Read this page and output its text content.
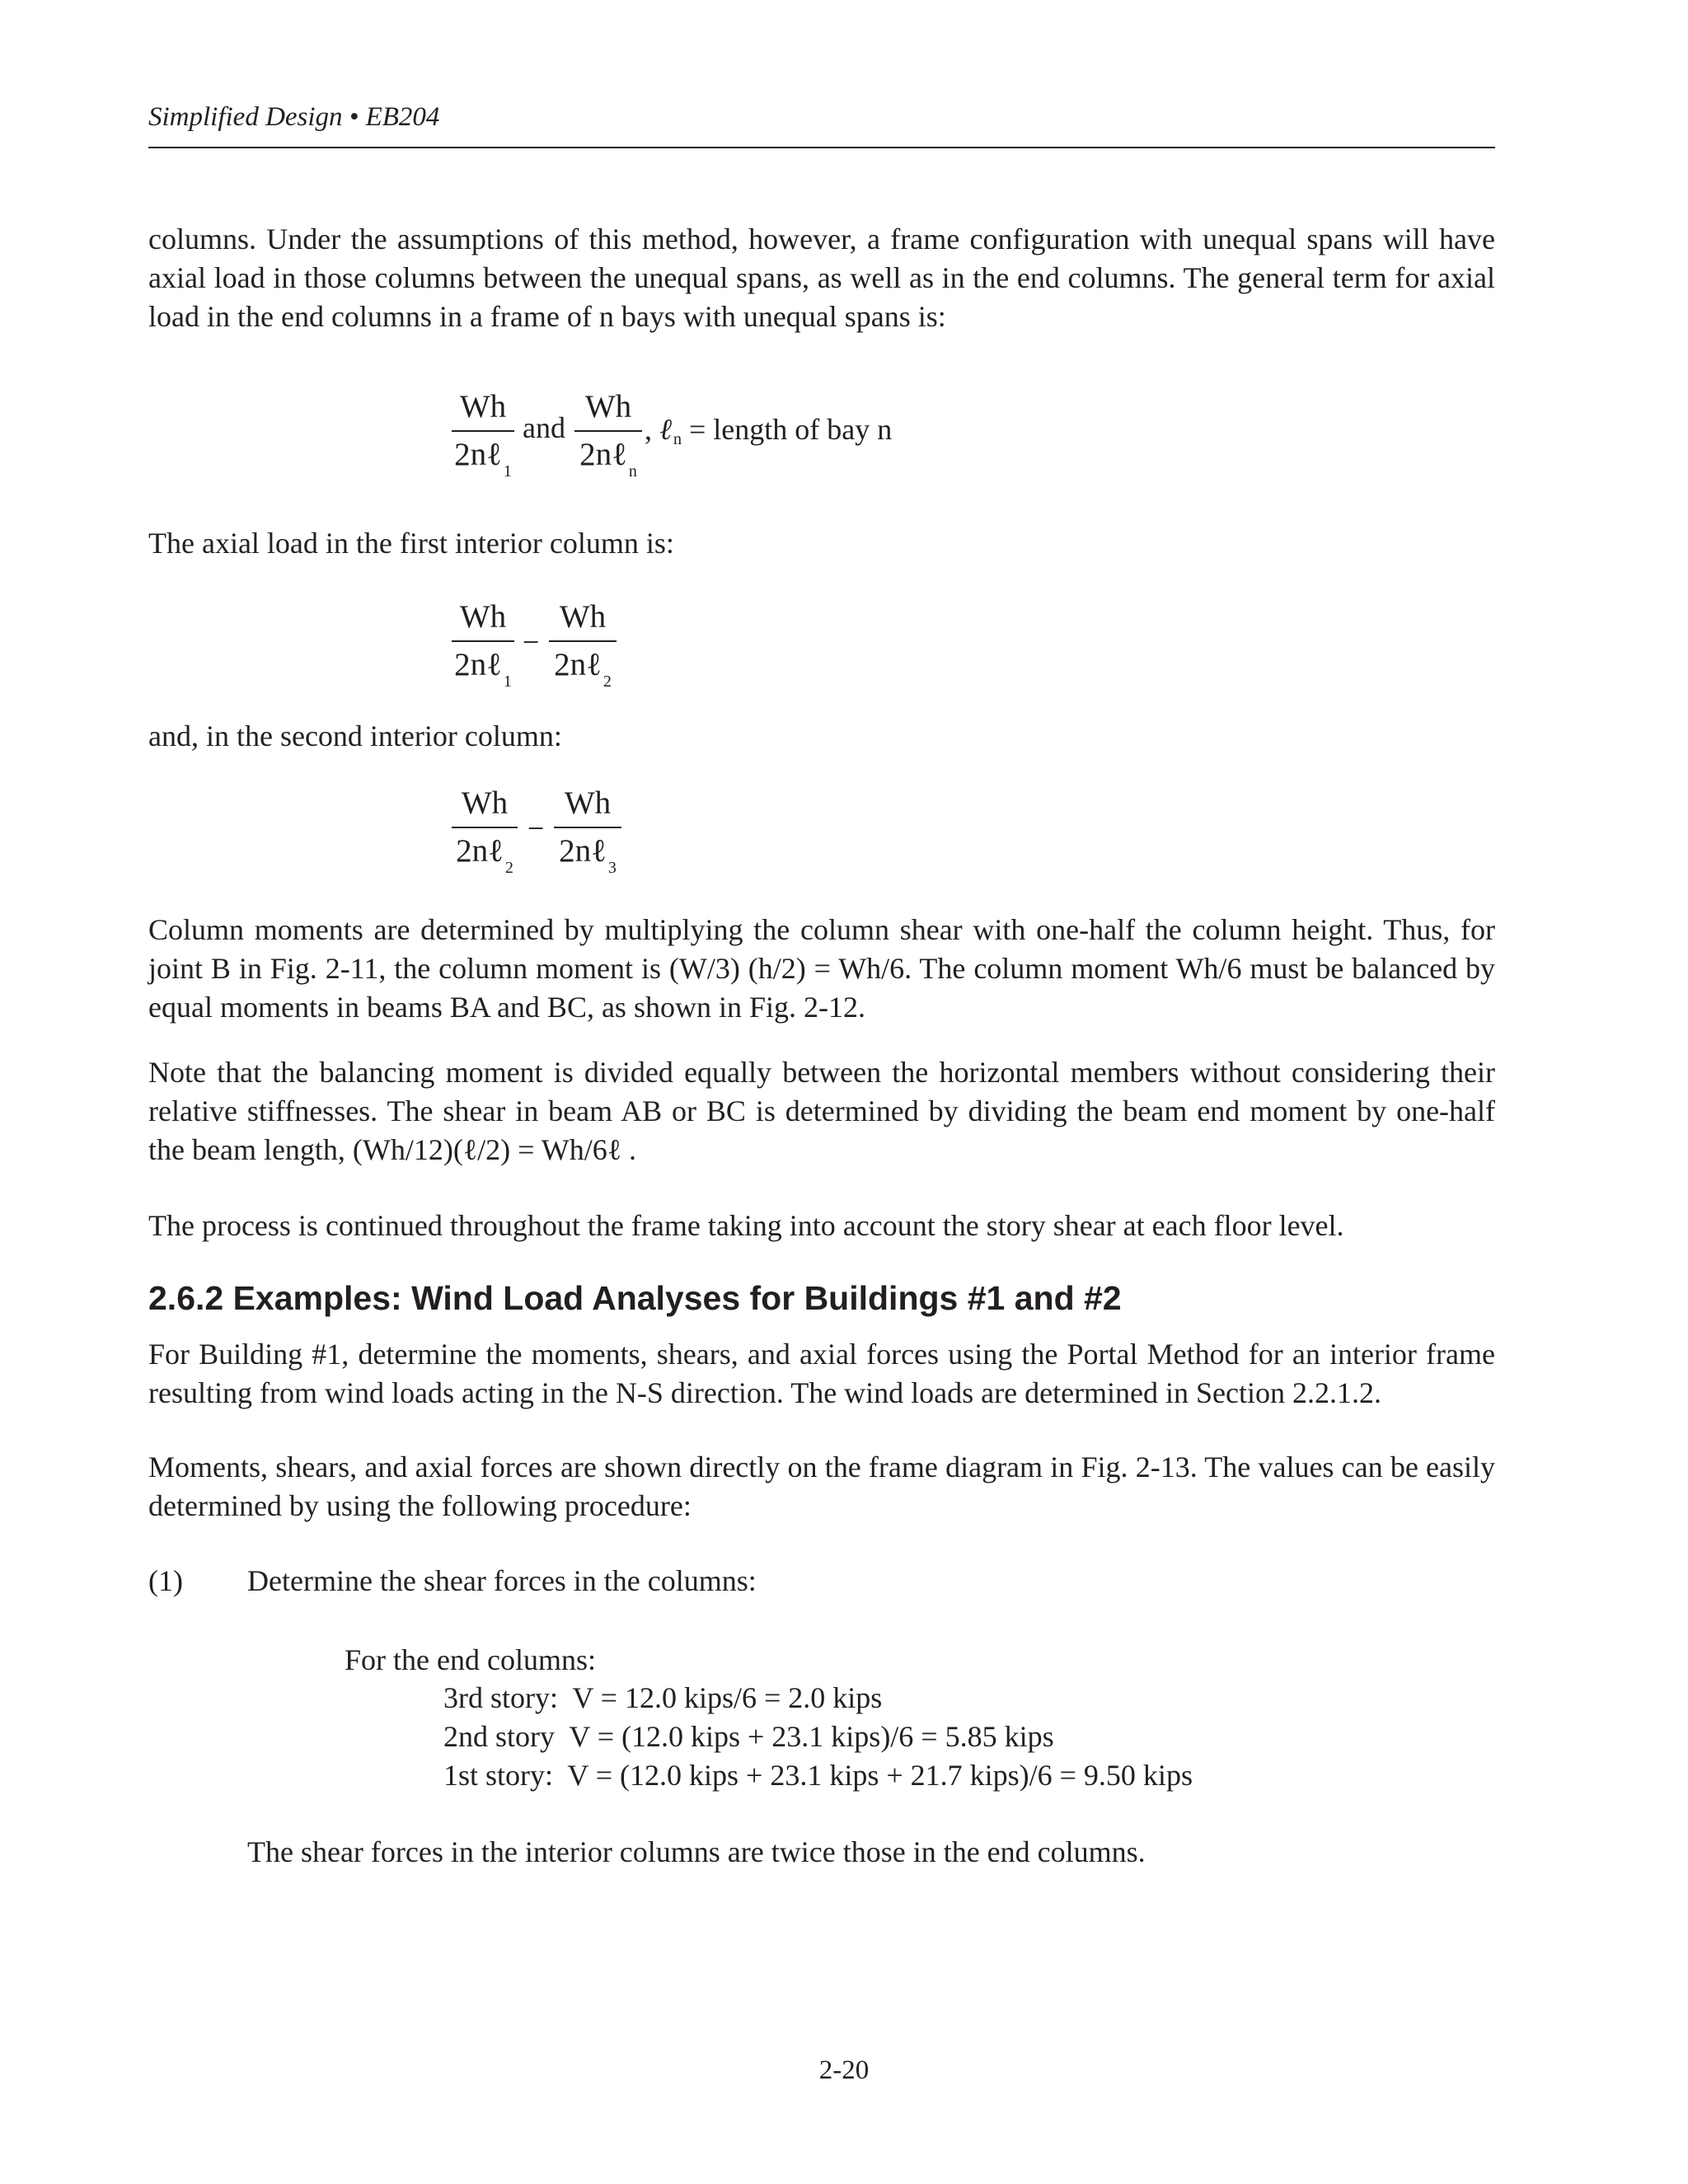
Simplified Design • EB204
columns. Under the assumptions of this method, however, a frame configuration with unequal spans will have axial load in those columns between the unequal spans, as well as in the end columns. The general term for axial load in the end columns in a frame of n bays with unequal spans is:
Wh
2nℓ $_1$
and
Wh
2nℓ $_n$
, ℓ n = length of bay n
The axial load in the first interior column is:
Wh
2nℓ $_1$
−
Wh
2nℓ $_2$
and, in the second interior column:
Wh
2nℓ $_2$
−
Wh
2nℓ $_3$
Column moments are determined by multiplying the column shear with one-half the column height. Thus, for joint B in Fig. 2-11, the column moment is (W/3) (h/2) = Wh/6. The column moment Wh/6 must be balanced by equal moments in beams BA and BC, as shown in Fig. 2-12.
Note that the balancing moment is divided equally between the horizontal members without considering their relative stiffnesses. The shear in beam AB or BC is determined by dividing the beam end moment by one-half the beam length, (Wh/12)(ℓ/2) = Wh/6ℓ .
The process is continued throughout the frame taking into account the story shear at each floor level.
2.6.2 Examples: Wind Load Analyses for Buildings #1 and #2
For Building #1, determine the moments, shears, and axial forces using the Portal Method for an interior frame resulting from wind loads acting in the N-S direction. The wind loads are determined in Section 2.2.1.2.
Moments, shears, and axial forces are shown directly on the frame diagram in Fig. 2-13. The values can be easily determined by using the following procedure:
(1) Determine the shear forces in the columns:
For the end columns:
3rd story:  V = 12.0 kips/6 = 2.0 kips
2nd story  V = (12.0 kips + 23.1 kips)/6 = 5.85 kips
1st story:  V = (12.0 kips + 23.1 kips + 21.7 kips)/6 = 9.50 kips
The shear forces in the interior columns are twice those in the end columns.
2-20
